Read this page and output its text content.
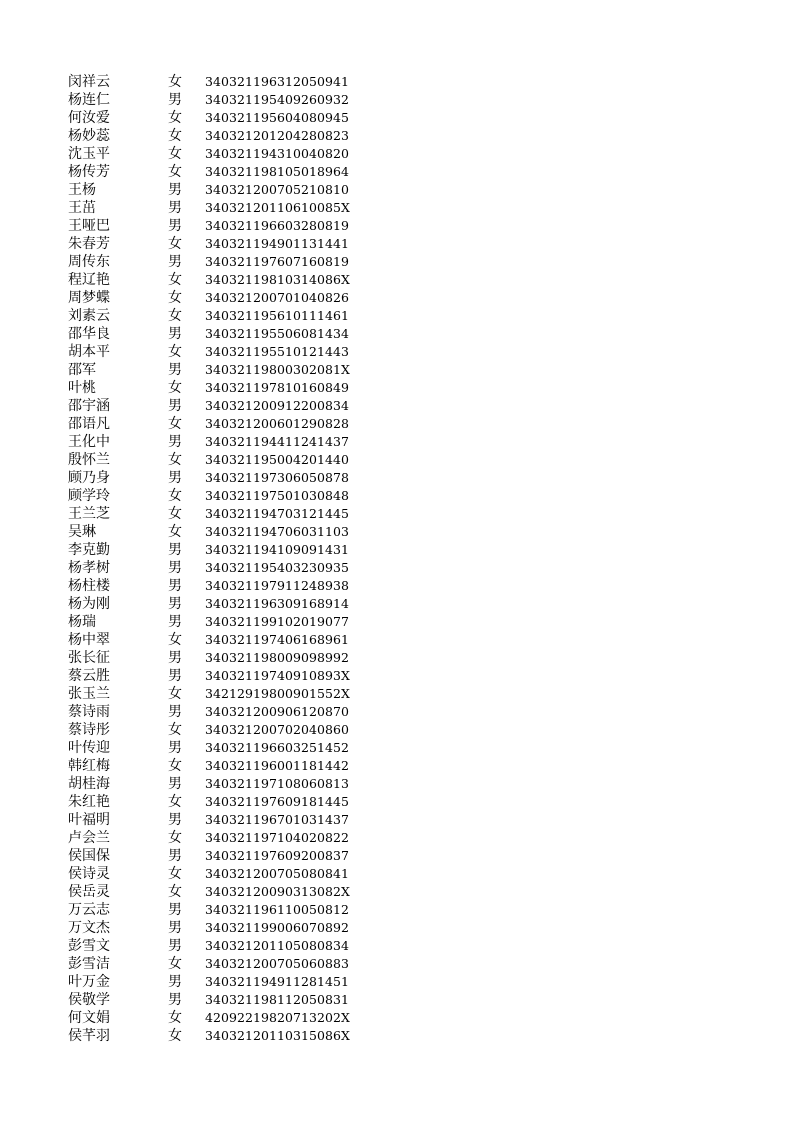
闵祥云	女	340321196312050941
杨连仁	男	340321195409260932
何汝爱	女	340321195604080945
杨妙蕊	女	340321201204280823
沈玉平	女	340321194310040820
杨传芳	女	340321198105018964
王杨	男	340321200705210810
王茁	男	34032120110610085X
王哑巴	男	340321196603280819
朱春芳	女	340321194901131441
周传东	男	340321197607160819
程辽艳	女	34032119810314086X
周梦蝶	女	340321200701040826
刘素云	女	340321195610111461
邵华良	男	340321195506081434
胡本平	女	340321195510121443
邵军	男	34032119800302081X
叶桃	女	340321197810160849
邵宇涵	男	340321200912200834
邵语凡	女	340321200601290828
王化中	男	340321194411241437
殷怀兰	女	340321195004201440
顾乃身	男	340321197306050878
顾学玲	女	340321197501030848
王兰芝	女	340321194703121445
吴琳	女	340321194706031103
李克勤	男	340321194109091431
杨孝树	男	340321195403230935
杨柱楼	男	340321197911248938
杨为刚	男	340321196309168914
杨瑞	男	340321199102019077
杨中翠	女	340321197406168961
张长征	男	340321198009098992
蔡云胜	男	34032119740910893X
张玉兰	女	34212919800901552X
蔡诗雨	男	340321200906120870
蔡诗彤	女	340321200702040860
叶传迎	男	340321196603251452
韩红梅	女	340321196001181442
胡桂海	男	340321197108060813
朱红艳	女	340321197609181445
叶福明	男	340321196701031437
卢会兰	女	340321197104020822
侯国保	男	340321197609200837
侯诗灵	女	340321200705080841
侯岳灵	女	34032120090313082X
万云志	男	340321196110050812
万文杰	男	340321199006070892
彭雪文	男	340321201105080834
彭雪洁	女	340321200705060883
叶万金	男	340321194911281451
侯敬学	男	340321198112050831
何文娟	女	42092219820713202X
侯芊羽	女	34032120110315086X
